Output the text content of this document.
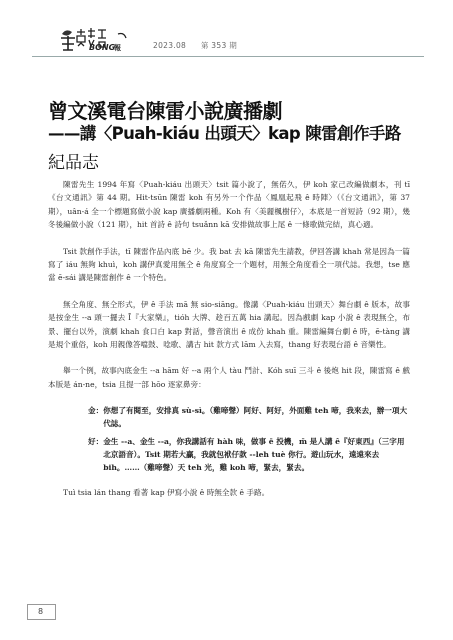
BONG
報	2023.08 第 353 期
曾文溪電台陳雷小說廣播劇
——講〈Puah-kiáu 出頭天〉kap 陳雷創作手路
紀品志

陳雷先生 1994 年寫〈Puah-kiáu 出頭天〉tsit 篇小說了，無偌久，伊 koh 家己改編做劇本，刊 tī《台文通訊》第 44 期。Hit-tsūn 陳雷 koh 有另外一个作品〈鳳凰起飛 ê 時陣〉（《台文通訊》，第 37 期），uân-á 全一个標題寫做小說 kap 廣播劇兩種。Koh 有〈美麗楓樹仔〉，本底是一首短詩（92 期），幾冬後編做小說（121 期），hit 首詩 ê 詩句 tsuǎnn kā 安排做故事上尾 ê 一條歌做完結，真心適。

Tsit 款創作手法，tī 陳雷作品內底 bē 少。我 bat 去 kā 陳雷先生請教，伊回答講 khah 常是因為一篇寫了 iáu 無夠 khuì，koh 講伊真愛用無仝 ê 角度寫仝一个題材，用無仝角度看仝一項代誌。我想，tse 應當 ē-sái 講是陳雷創作 ê 一个特色。

無仝角度、無仝形式，伊 ê 手法 mā 無 sio-siāng。像講〈Puah-kiáu 出頭天〉舞台劇 ê 版本，故事是按金生 --a 頭一擺去 Ī『大家樂』，tióh 大牌、趁百五萬 hia 講起。因為戲劇 kap 小說 ê 表現無仝，布景、擺台以外，演劇 khah 食口白 kap 對話，聲音演出 ê 成份 khah 重。陳雷編舞台劇 ê 時，ē-tàng 講是規个重俗，koh 用親像答噹鼓、唸歌、講古 hit 款方式 lām 入去寫，thang 好表現台語 ê 音樂性。

舉一个例，故事內底金生 --a hām 好 --a 兩个人 tàu 鬥計、Kóh suī 三斗 ê 後炮 hit 段，陳雷寫 ê 戲本版是 án-ne，tsia 且提一部 hōo 逐家鼻旁：

金： 你想了有閱至，安排真 sù-sì。（雞啼聲）阿好、阿好，外面雞 teh 啼，我來去，辦一項大代誌。
好： 金生 --a、金生 --a，你我講話有 hàh 味，做事 ē 投機，m̄ 是人講 ê『好東西』（三字用北京語音）。Tsit 期若大贏，我就包袱仔款 --leh tuè 你行。遊山玩水，遠遠來去 bih。……（雞啼聲）天 teh 光，雞 koh 啼，緊去，緊去。

Tuì tsia lán thang 看著 kap 伊寫小說 ê 時無全款 ê 手路。

8
